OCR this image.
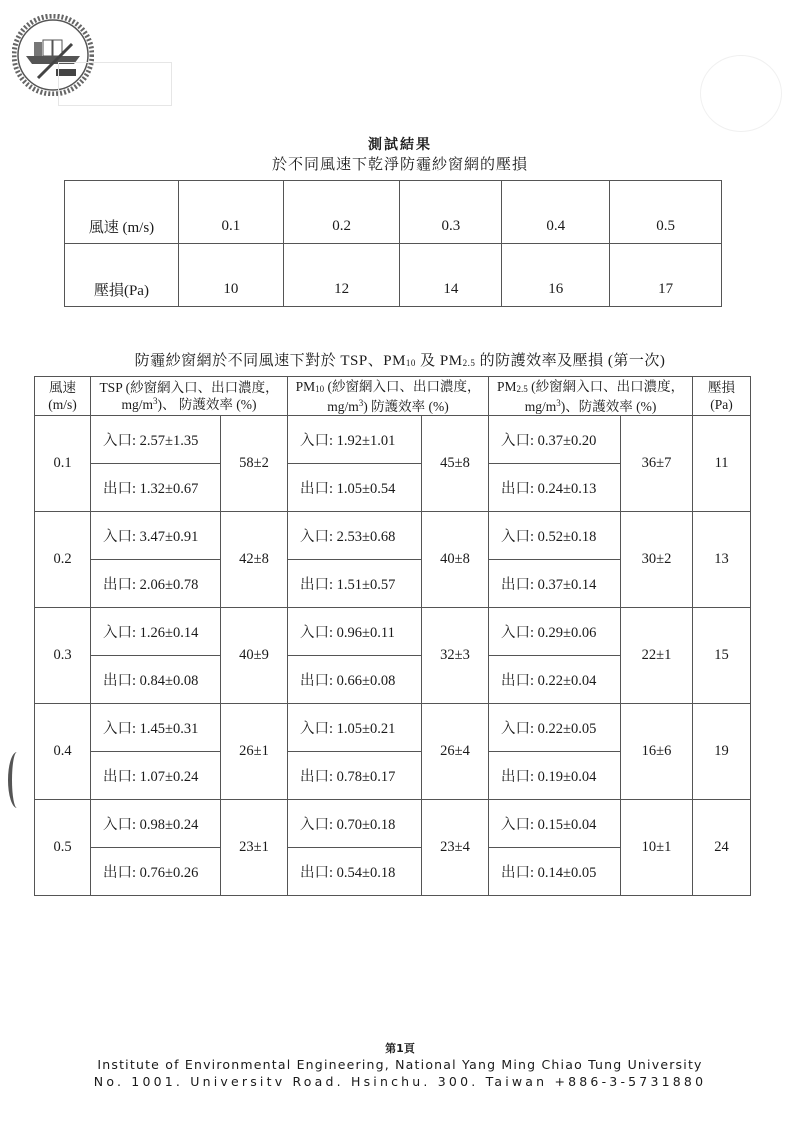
測試結果
於不同風速下乾淨防霾紗窗網的壓損
風速 (m/s)	0.1	0.2	0.3	0.4	0.5
壓損(Pa)	10	12	14	16	17
防霾紗窗網於不同風速下對於 TSP、$PM_{10}$ 及 $PM_{2.5}$ 的防護效率及壓損 (第一次)
風速
(m/s)	TSP (紗窗網入口、出口濃度，
$mg/m^3$)、 防護效率 (%)		$PM_{10}$ (紗窗網入口、出口濃度，
$mg/m^3$) 防護效率 (%)		$PM_{2.5}$ (紗窗網入口、出口濃度，
$mg/m^3$)、防護效率 (%)		壓損
(Pa)
0.1	入口: 2.57±1.35	58±2	入口: 1.92±1.01	45±8	入口: 0.37±0.20	36±7	11
	出口: 1.32±0.67		出口: 1.05±0.54		出口: 0.24±0.13		
0.2	入口: 3.47±0.91	42±8	入口: 2.53±0.68	40±8	入口: 0.52±0.18	30±2	13
	出口: 2.06±0.78		出口: 1.51±0.57		出口: 0.37±0.14		
0.3	入口: 1.26±0.14	40±9	入口: 0.96±0.11	32±3	入口: 0.29±0.06	22±1	15
	出口: 0.84±0.08		出口: 0.66±0.08		出口: 0.22±0.04		
0.4	入口: 1.45±0.31	26±1	入口: 1.05±0.21	26±4	入口: 0.22±0.05	16±6	19
	出口: 1.07±0.24		出口: 0.78±0.17		出口: 0.19±0.04		
0.5	入口: 0.98±0.24	23±1	入口: 0.70±0.18	23±4	入口: 0.15±0.04	10±1	24
	出口: 0.76±0.26		出口: 0.54±0.18		出口: 0.14±0.05		
第1頁
Institute of Environmental Engineering, National Yang Ming Chiao Tung University
No. 1001. Universitv Road. Hsinchu. 300. Taiwan +886-3-5731880
